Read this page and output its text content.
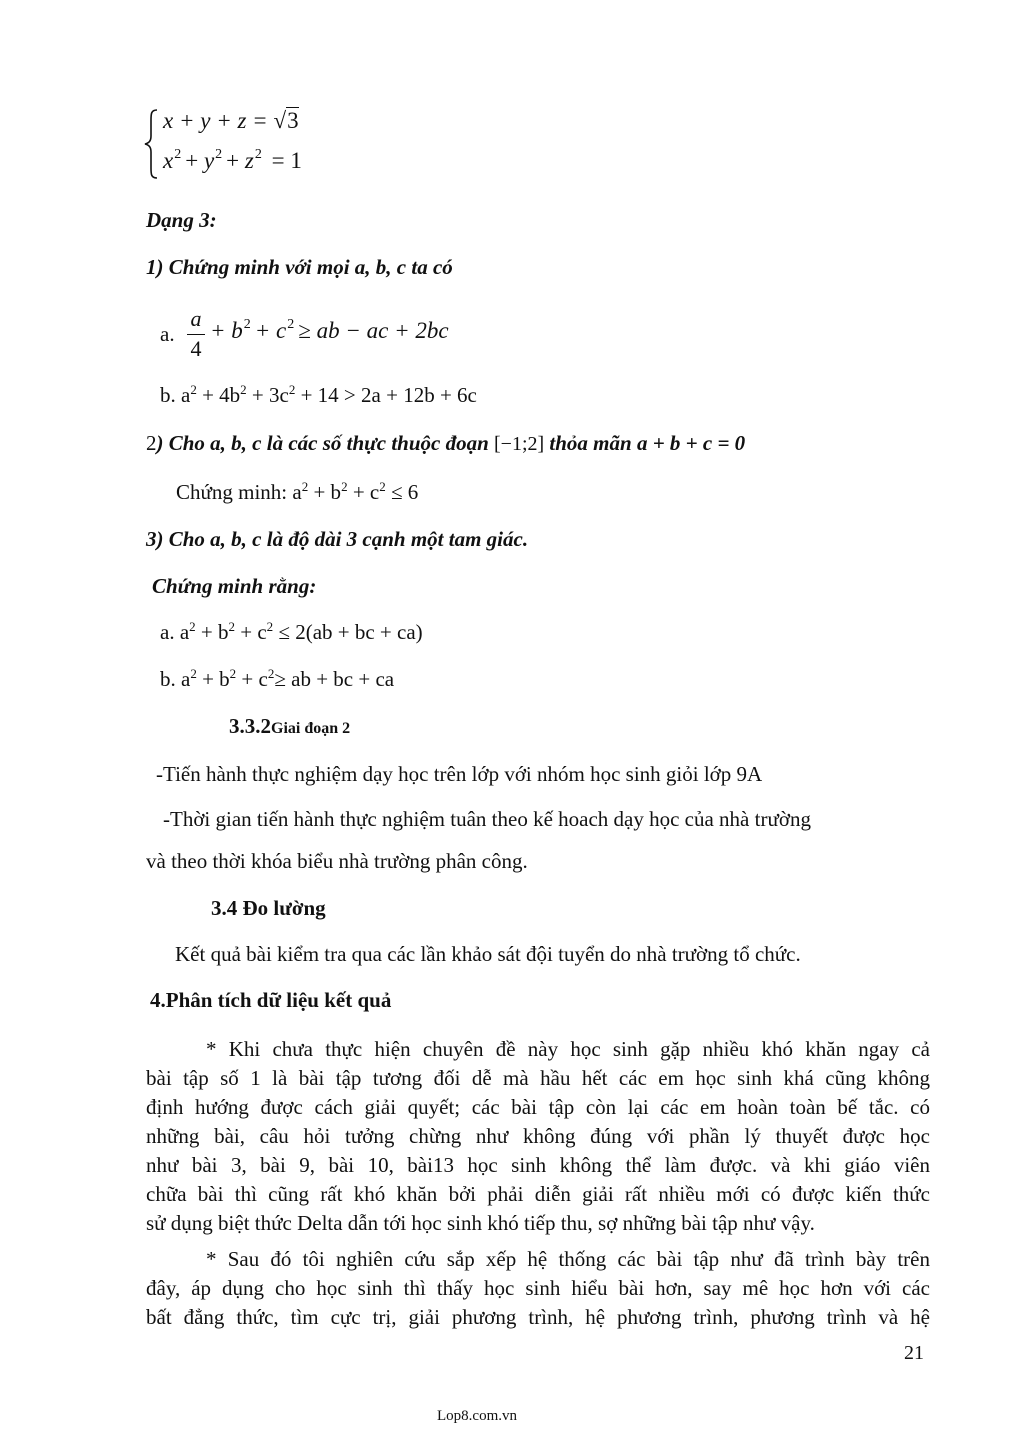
x + y + z = √3
$x^2 + y^2 + z^2 = 1$
Dạng 3:
1) Chứng minh với mọi a, b, c ta có
a.
a
4
+ $b^2 + c^2$ ≥ ab − ac + 2bc
b. $a^2 + 4b^2 + 3c^2 + 14 > 2a + 12b + 6c$
2) Cho a, b, c là các số thực thuộc đoạn [−1;2] thỏa mãn a + b + c = 0
Chứng minh: $a^2 + b^2 + c^2 \le 6$
3) Cho a, b, c là độ dài 3 cạnh một tam giác.
Chứng minh rằng:
a. $a^2 + b^2 + c^2 \le 2(ab$ + bc + ca)
b. $a^2 + b^2 + c^2\ge$ ab + bc + ca
3.3.2Giai đoạn 2
-Tiến hành thực nghiệm dạy học trên lớp với nhóm học sinh giỏi lớp 9A
-Thời gian tiến hành thực nghiệm tuân theo kế hoach dạy học của nhà trường
và theo thời khóa biểu nhà trường phân công.
3.4 Đo lường
Kết quả bài kiểm tra qua các lần khảo sát đội tuyển do nhà trường tổ chức.
4.Phân tích dữ liệu kết quả
* Khi chưa thực hiện chuyên đề này học sinh gặp nhiều khó khăn ngay cả
bài tập số 1 là bài tập tương đối dễ mà hầu hết các em học sinh khá cũng không
định hướng được cách giải quyết; các bài tập còn lại các em hoàn toàn bế tắc. có
những bài, câu hỏi tưởng chừng như không đúng với phần lý thuyết được học
như bài 3, bài 9, bài 10, bài13 học sinh không thể làm được. và khi giáo viên
chữa bài thì cũng rất khó khăn bởi phải diễn giải rất nhiều mới có được kiến thức
sử dụng biệt thức Delta dẫn tới học sinh khó tiếp thu, sợ những bài tập như vậy.
* Sau đó tôi nghiên cứu sắp xếp hệ thống các bài tập như đã trình bày trên
đây, áp dụng cho học sinh thì thấy học sinh hiểu bài hơn, say mê học hơn với các
bất đẳng thức, tìm cực trị, giải phương trình, hệ phương trình, phương trình và hệ
21
Lop8.com.vn
